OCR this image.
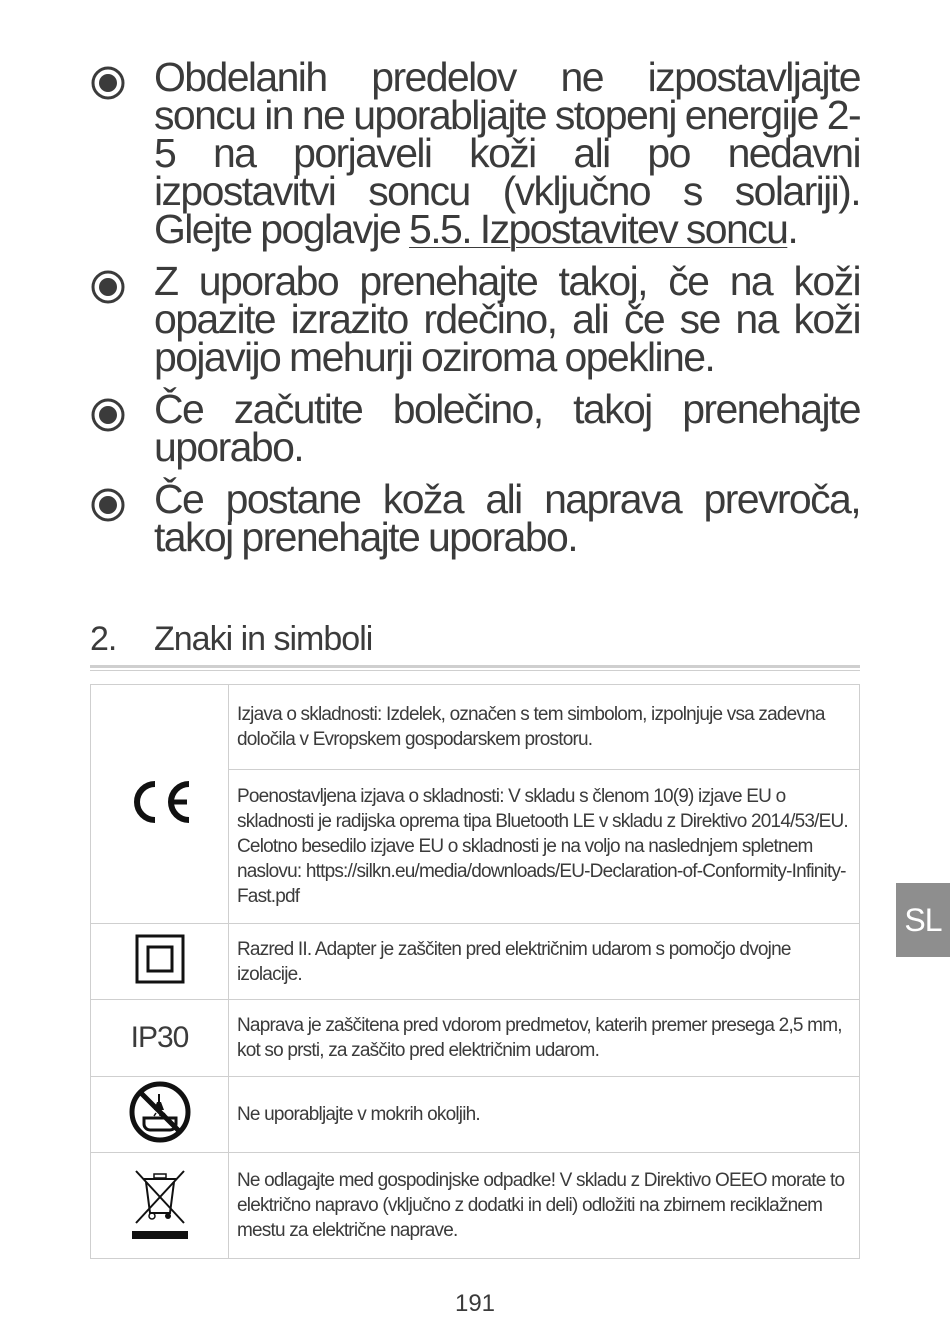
Obdelanih predelov ne izpostavljajte soncu in ne uporabljajte stopenj energije 2-5 na porjaveli koži ali po nedavni izpostavitvi soncu (vključno s solariji). Glejte poglavje 5.5. Izpostavitev soncu.
Z uporabo prenehajte takoj, če na koži opazite izrazito rdečino, ali če se na koži pojavijo mehurji oziroma opekline.
Če začutite bolečino, takoj prenehajte uporabo.
Če postane koža ali naprava prevroča, takoj prenehajte uporabo.
2. Znaki in simboli
	Izjava o skladnosti: Izdelek, označen s tem simbolom, izpolnjuje vsa zadevna določila v Evropskem gospodarskem prostoru.
	Poenostavljena izjava o skladnosti: V skladu s členom 10(9) izjave EU o skladnosti je radijska oprema tipa Bluetooth LE v skladu z Direktivo 2014/53/EU. Celotno besedilo izjave EU o skladnosti je na voljo na naslednjem spletnem naslovu: https://silkn.eu/media/downloads/EU-Declaration-of-Conformity-Infinity-Fast.pdf
	Razred II. Adapter je zaščiten pred električnim udarom s pomočjo dvojne izolacije.
IP30	Naprava je zaščitena pred vdorom predmetov, katerih premer presega 2,5 mm, kot so prsti, za zaščito pred električnim udarom.
	Ne uporabljajte v mokrih okoljih.
	Ne odlagajte med gospodinjske odpadke! V skladu z Direktivo OEEO morate to električno napravo (vključno z dodatki in deli) odložiti na zbirnem reciklažnem mestu za električne naprave.
SL
191
